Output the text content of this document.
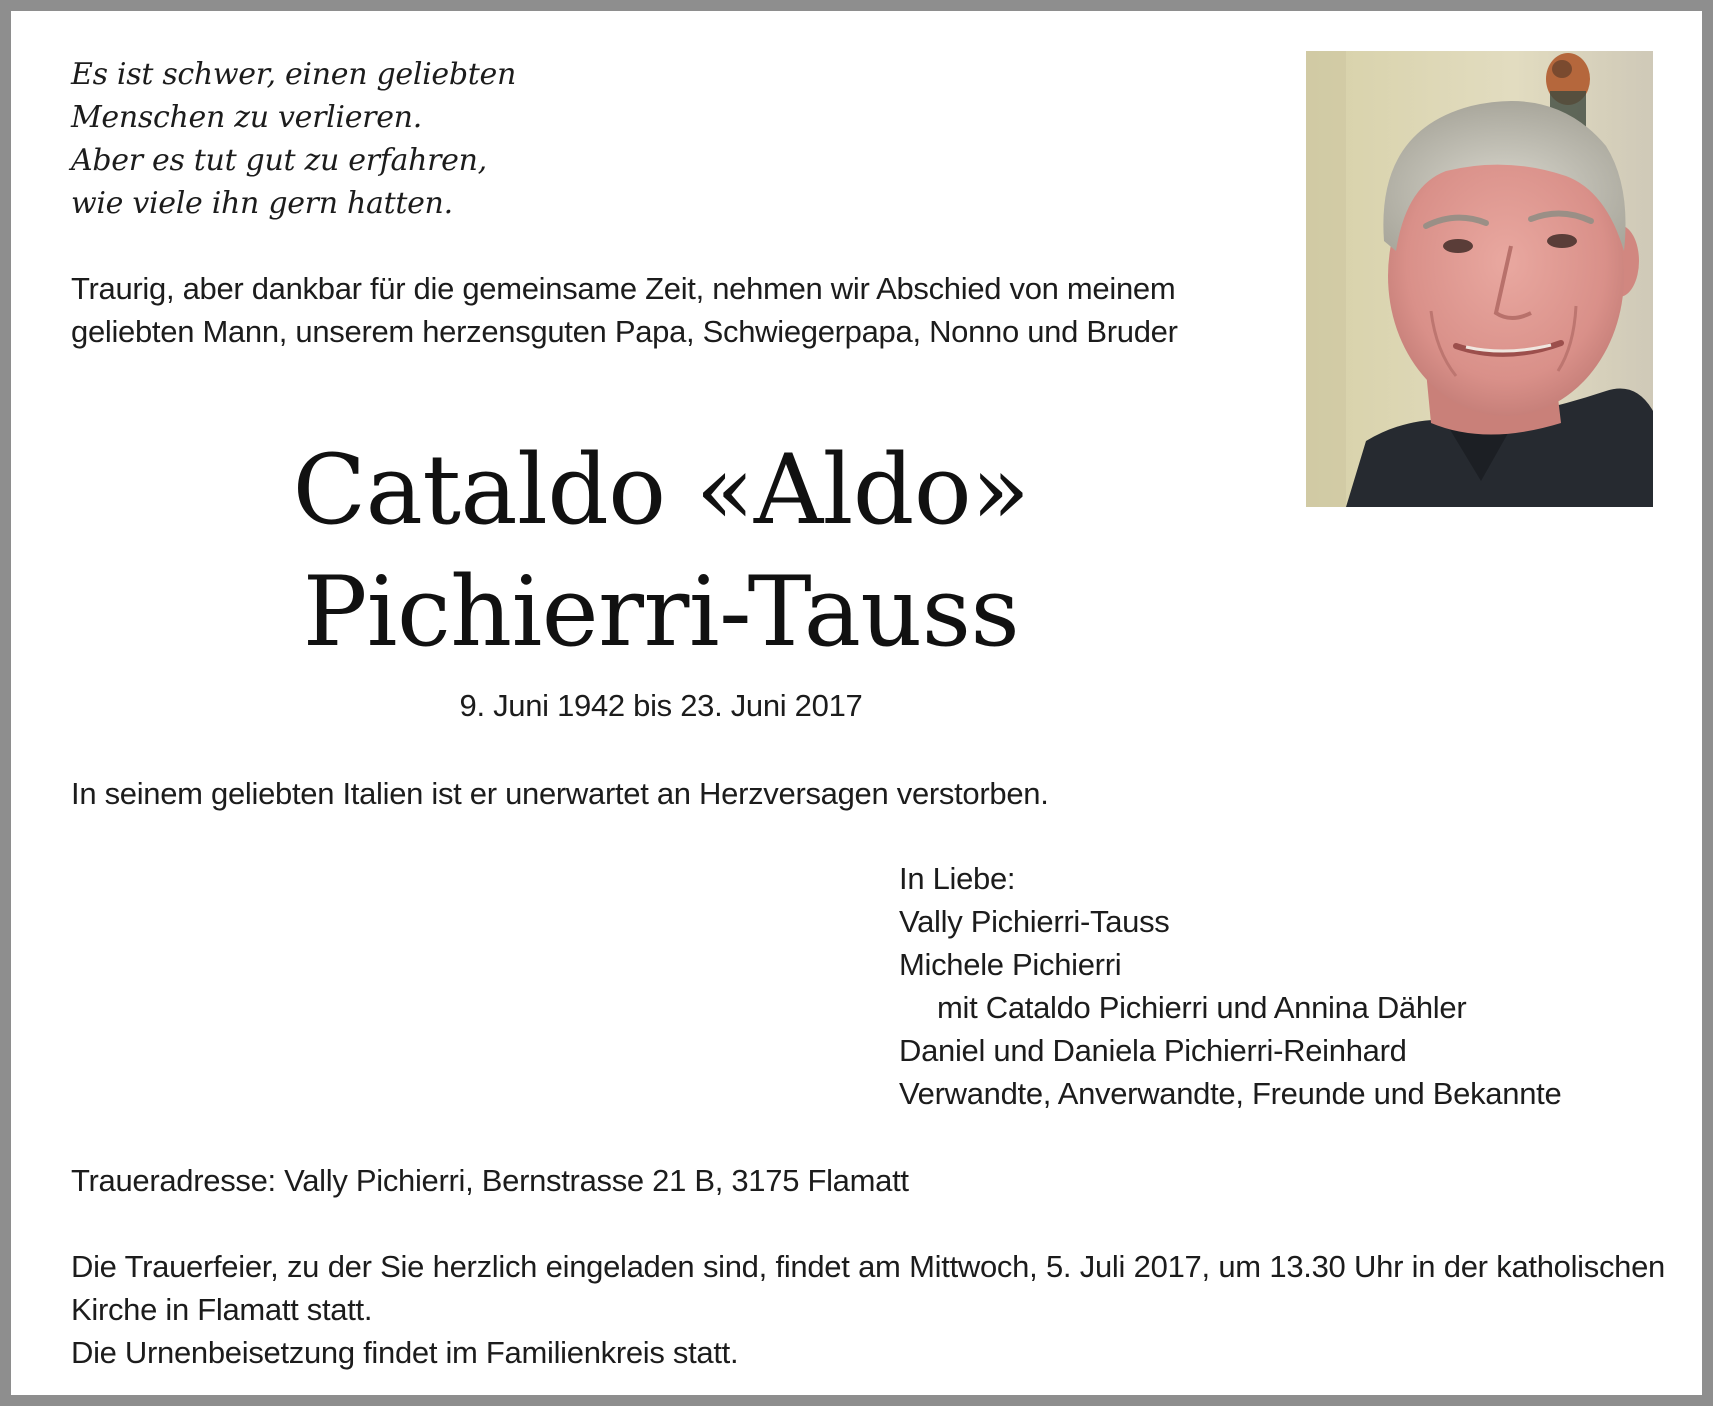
Es ist schwer, einen geliebten
Menschen zu verlieren.
Aber es tut gut zu erfahren,
wie viele ihn gern hatten.
Traurig, aber dankbar für die gemeinsame Zeit, nehmen wir Abschied von meinem
geliebten Mann, unserem herzensguten Papa, Schwiegerpapa, Nonno und Bruder
Cataldo «Aldo»
Pichierri-Tauss
9. Juni 1942 bis 23. Juni 2017
In seinem geliebten Italien ist er unerwartet an Herzversagen verstorben.
In Liebe:
Vally Pichierri-Tauss
Michele Pichierri
mit Cataldo Pichierri und Annina Dähler
Daniel und Daniela Pichierri-Reinhard
Verwandte, Anverwandte, Freunde und Bekannte
Traueradresse: Vally Pichierri, Bernstrasse 21 B, 3175 Flamatt
Die Trauerfeier, zu der Sie herzlich eingeladen sind, findet am Mittwoch, 5. Juli 2017, um 13.30 Uhr in der katholischen Kirche in Flamatt statt.
Die Urnenbeisetzung findet im Familienkreis statt.
